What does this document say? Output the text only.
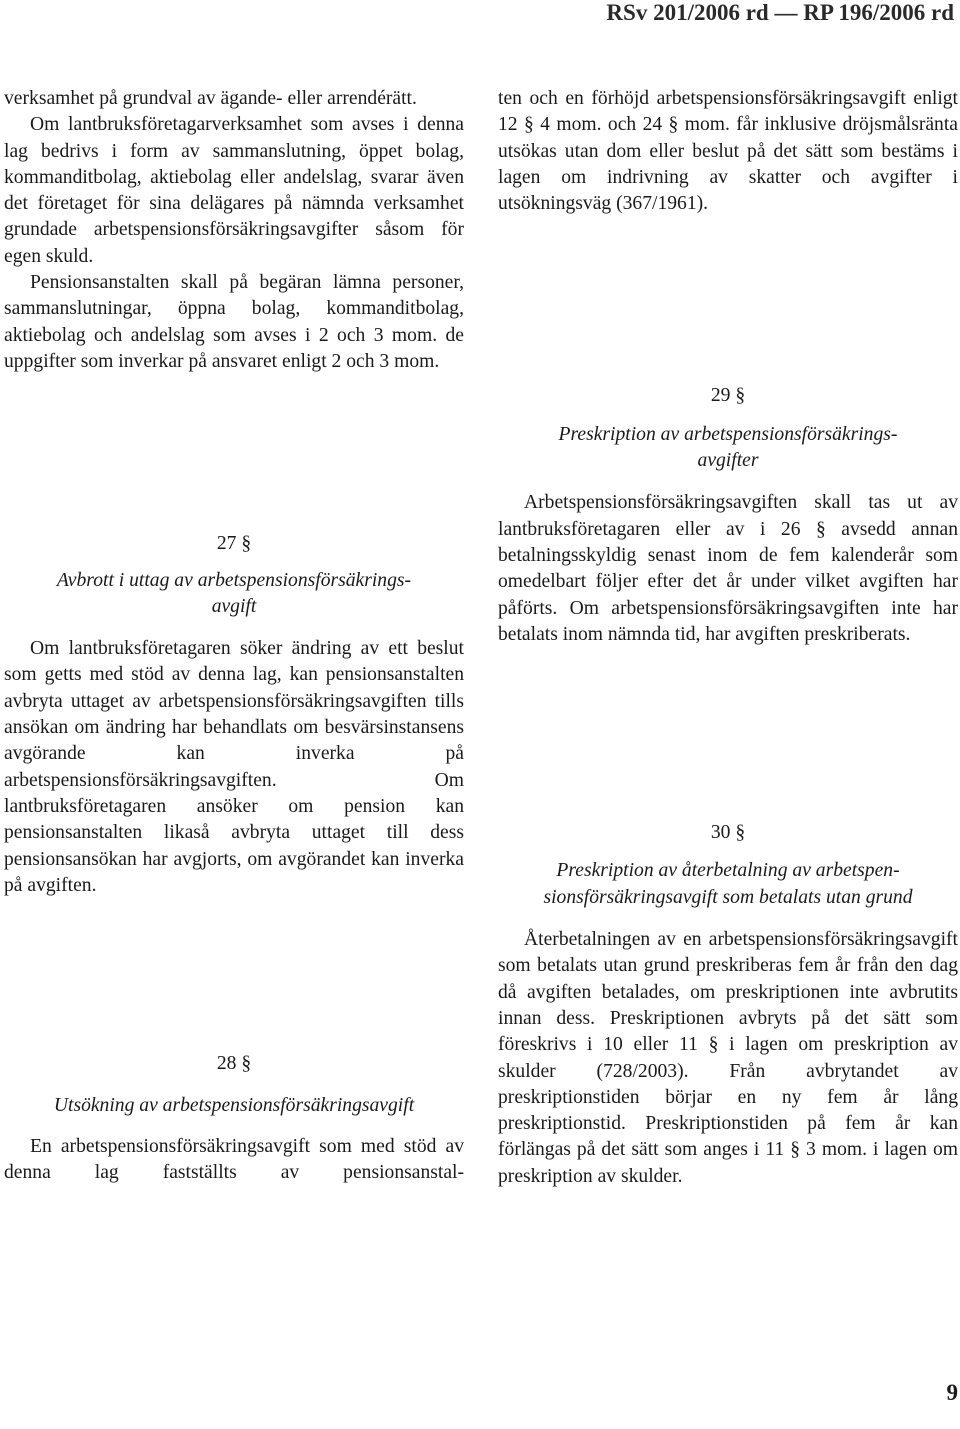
RSv 201/2006 rd — RP 196/2006 rd

verksamhet på grundval av ägande- eller arrendérätt.

Om lantbruksföretagarverksamhet som avses i denna lag bedrivs i form av sammanslutning, öppet bolag, kommanditbolag, aktiebolag eller andelslag, svarar även det företaget för sina delägares på nämnda verksamhet grundade arbetspensionsförsäkringsavgifter såsom för egen skuld.

Pensionsanstalten skall på begäran lämna personer, sammanslutningar, öppna bolag, kommanditbolag, aktiebolag och andelslag som avses i 2 och 3 mom. de uppgifter som inverkar på ansvaret enligt 2 och 3 mom.

27 §

Avbrott i uttag av arbetspensionsförsäkrings-

avgift

Om lantbruksföretagaren söker ändring av ett beslut som getts med stöd av denna lag, kan pensionsanstalten avbryta uttaget av arbetspensionsförsäkringsavgiften tills ansökan om ändring har behandlats om besvärsinstansens avgörande kan inverka på arbetspensionsförsäkringsavgiften. Om lantbruksföretagaren ansöker om pension kan pensionsanstalten likaså avbryta uttaget till dess pensionsansökan har avgjorts, om avgörandet kan inverka på avgiften.

28 §

Utsökning av arbetspensionsförsäkringsavgift

En arbetspensionsförsäkringsavgift som med stöd av denna lag fastställts av pensionsanstal-

ten och en förhöjd arbetspensionsförsäkringsavgift enligt 12 § 4 mom. och 24 § mom. får inklusive dröjsmålsränta utsökas utan dom eller beslut på det sätt som bestäms i lagen om indrivning av skatter och avgifter i utsökningsväg (367/1961).

29 §

Preskription av arbetspensionsförsäkrings-

avgifter

Arbetspensionsförsäkringsavgiften skall tas ut av lantbruksföretagaren eller av i 26 § avsedd annan betalningsskyldig senast inom de fem kalenderår som omedelbart följer efter det år under vilket avgiften har påförts. Om arbetspensionsförsäkringsavgiften inte har betalats inom nämnda tid, har avgiften preskriberats.

30 §

Preskription av återbetalning av arbetspen-

sionsförsäkringsavgift som betalats utan grund

Återbetalningen av en arbetspensionsförsäkringsavgift som betalats utan grund preskriberas fem år från den dag då avgiften betalades, om preskriptionen inte avbrutits innan dess. Preskriptionen avbryts på det sätt som föreskrivs i 10 eller 11 § i lagen om preskription av skulder (728/2003). Från avbrytandet av preskriptionstiden börjar en ny fem år lång preskriptionstid. Preskriptionstiden på fem år kan förlängas på det sätt som anges i 11 § 3 mom. i lagen om preskription av skulder.

9
